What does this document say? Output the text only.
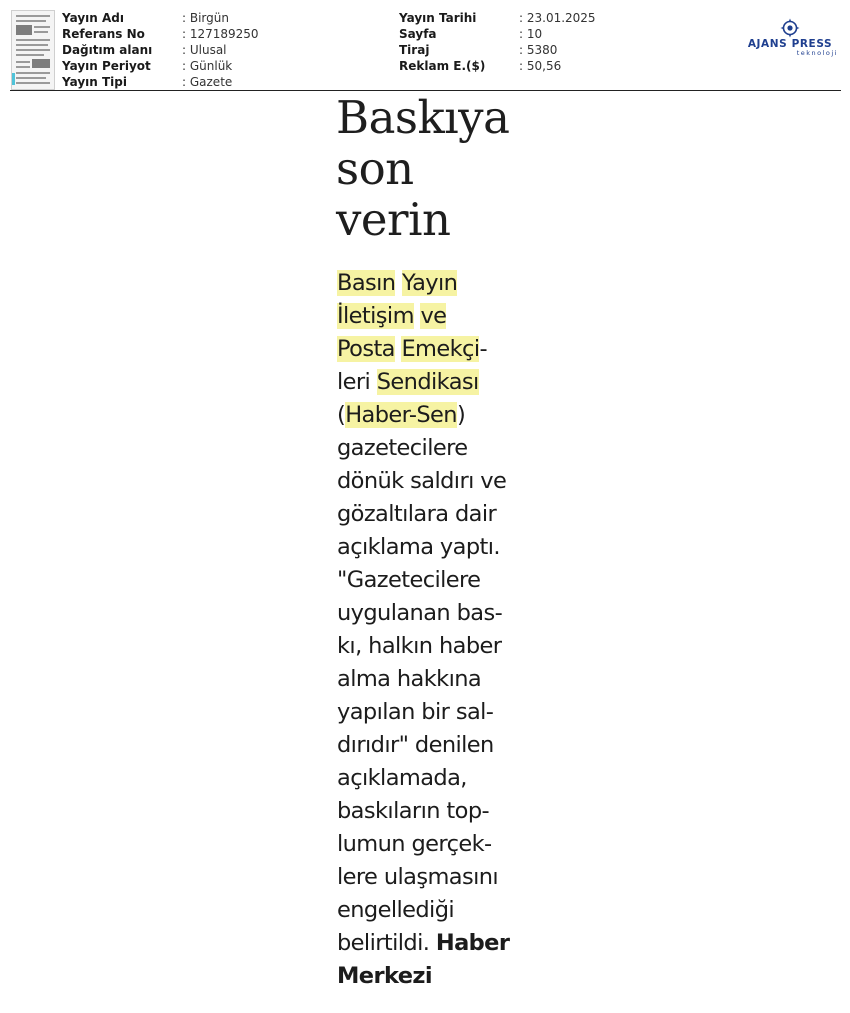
Yayın Adı	: Birgün
Referans No	: 127189250
Dağıtım alanı	: Ulusal
Yayın Periyot	: Günlük
Yayın Tipi	: Gazete
Yayın Tarihi	: 23.01.2025
Sayfa	: 10
Tiraj	: 5380
Reklam E.($)	: 50,56
AJANS PRESS
teknoloji
Baskıya
son
verin
Basın Yayın
İletişim ve
Posta Emekçi-
leri Sendikası
(Haber-Sen)
gazetecilere
dönük saldırı ve
gözaltılara dair
açıklama yaptı.
"Gazetecilere
uygulanan bas-
kı, halkın haber
alma hakkına
yapılan bir sal-
dırıdır" denilen
açıklamada,
baskıların top-
lumun gerçek-
lere ulaşmasını
engellediği
belirtildi. Haber
Merkezi
